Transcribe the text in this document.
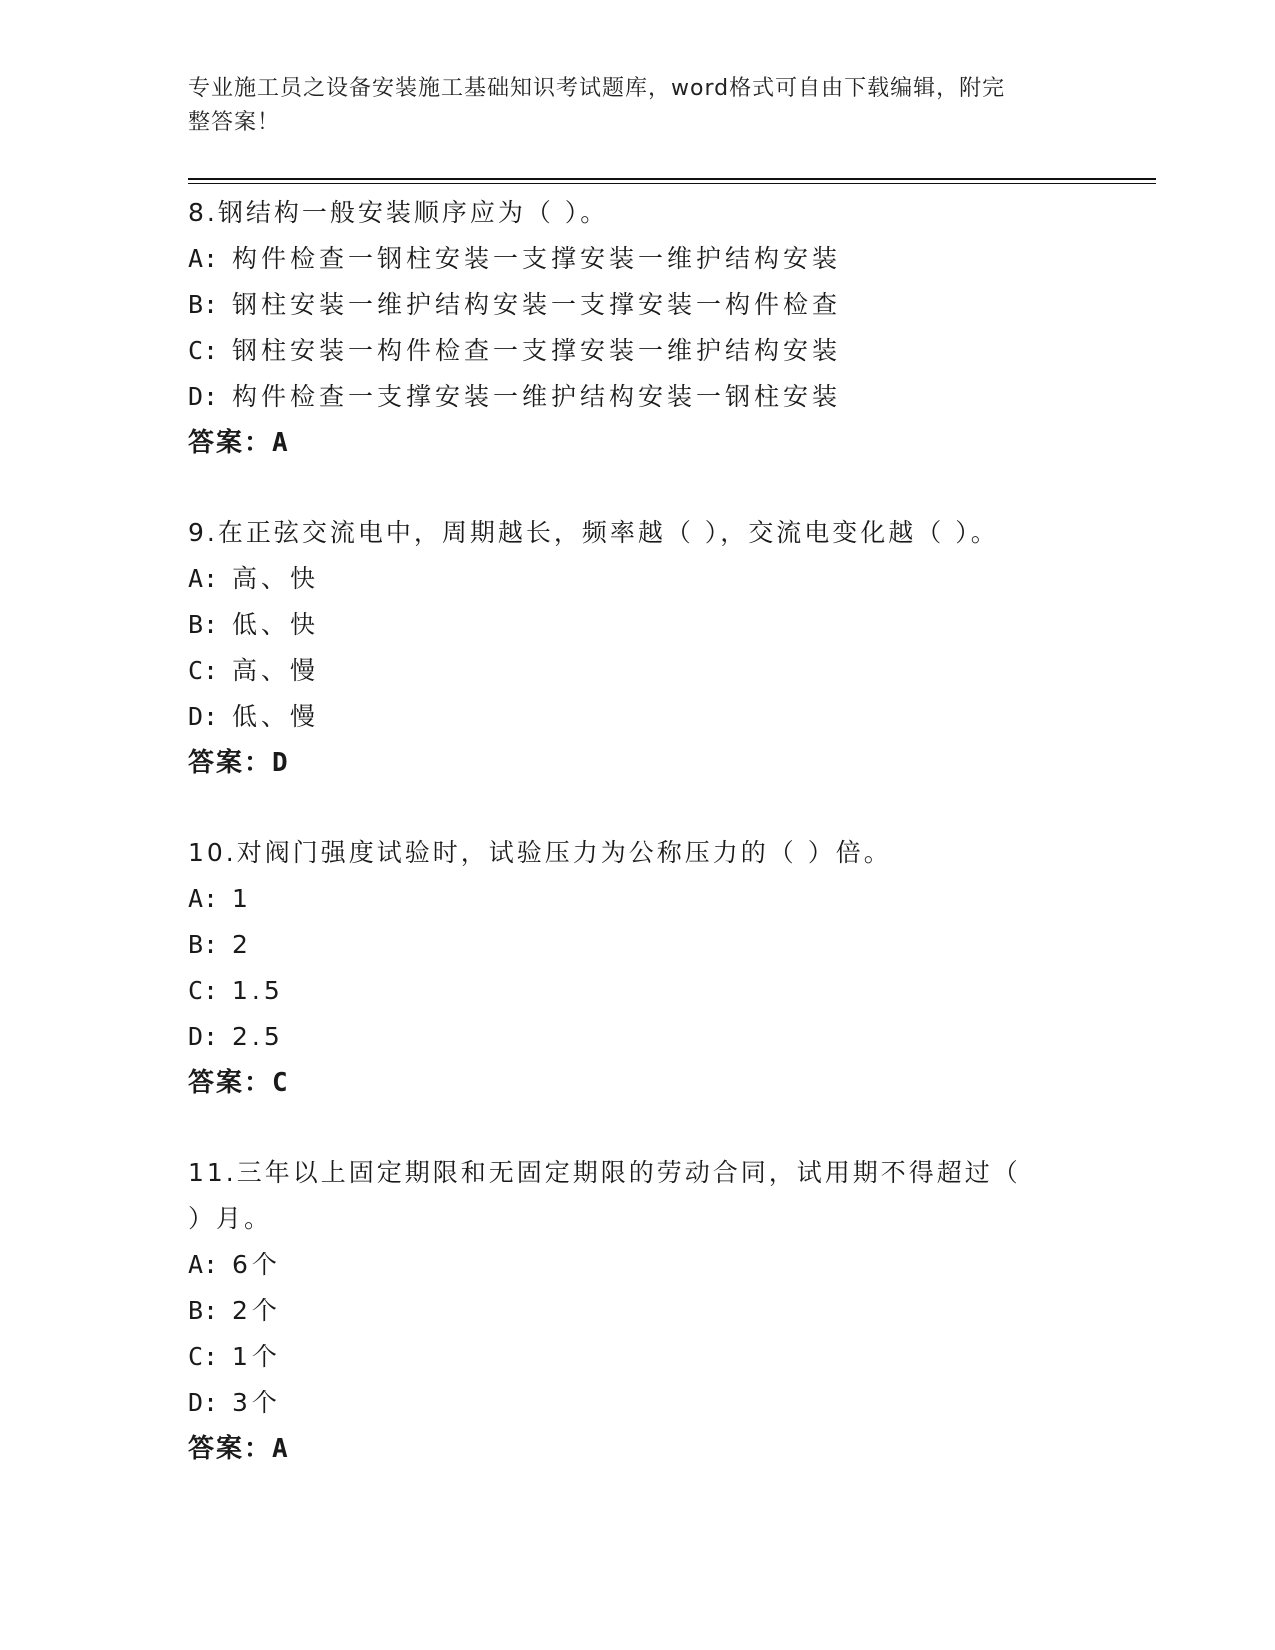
专业施工员之设备安装施工基础知识考试题库，word格式可自由下载编辑，附完
整答案！
8.钢结构一般安装顺序应为（ ）。
A: 构件检查一钢柱安装一支撑安装一维护结构安装
B: 钢柱安装一维护结构安装一支撑安装一构件检查
C: 钢柱安装一构件检查一支撑安装一维护结构安装
D: 构件检查一支撑安装一维护结构安装一钢柱安装
答案：A
9.在正弦交流电中，周期越长，频率越（ ），交流电变化越（ ）。
A: 高、快
B: 低、快
C: 高、慢
D: 低、慢
答案：D
10.对阀门强度试验时，试验压力为公称压力的（ ）倍。
A: 1
B: 2
C: 1.5
D: 2.5
答案：C
11.三年以上固定期限和无固定期限的劳动合同，试用期不得超过（
）月。
A: 6个
B: 2个
C: 1个
D: 3个
答案：A
